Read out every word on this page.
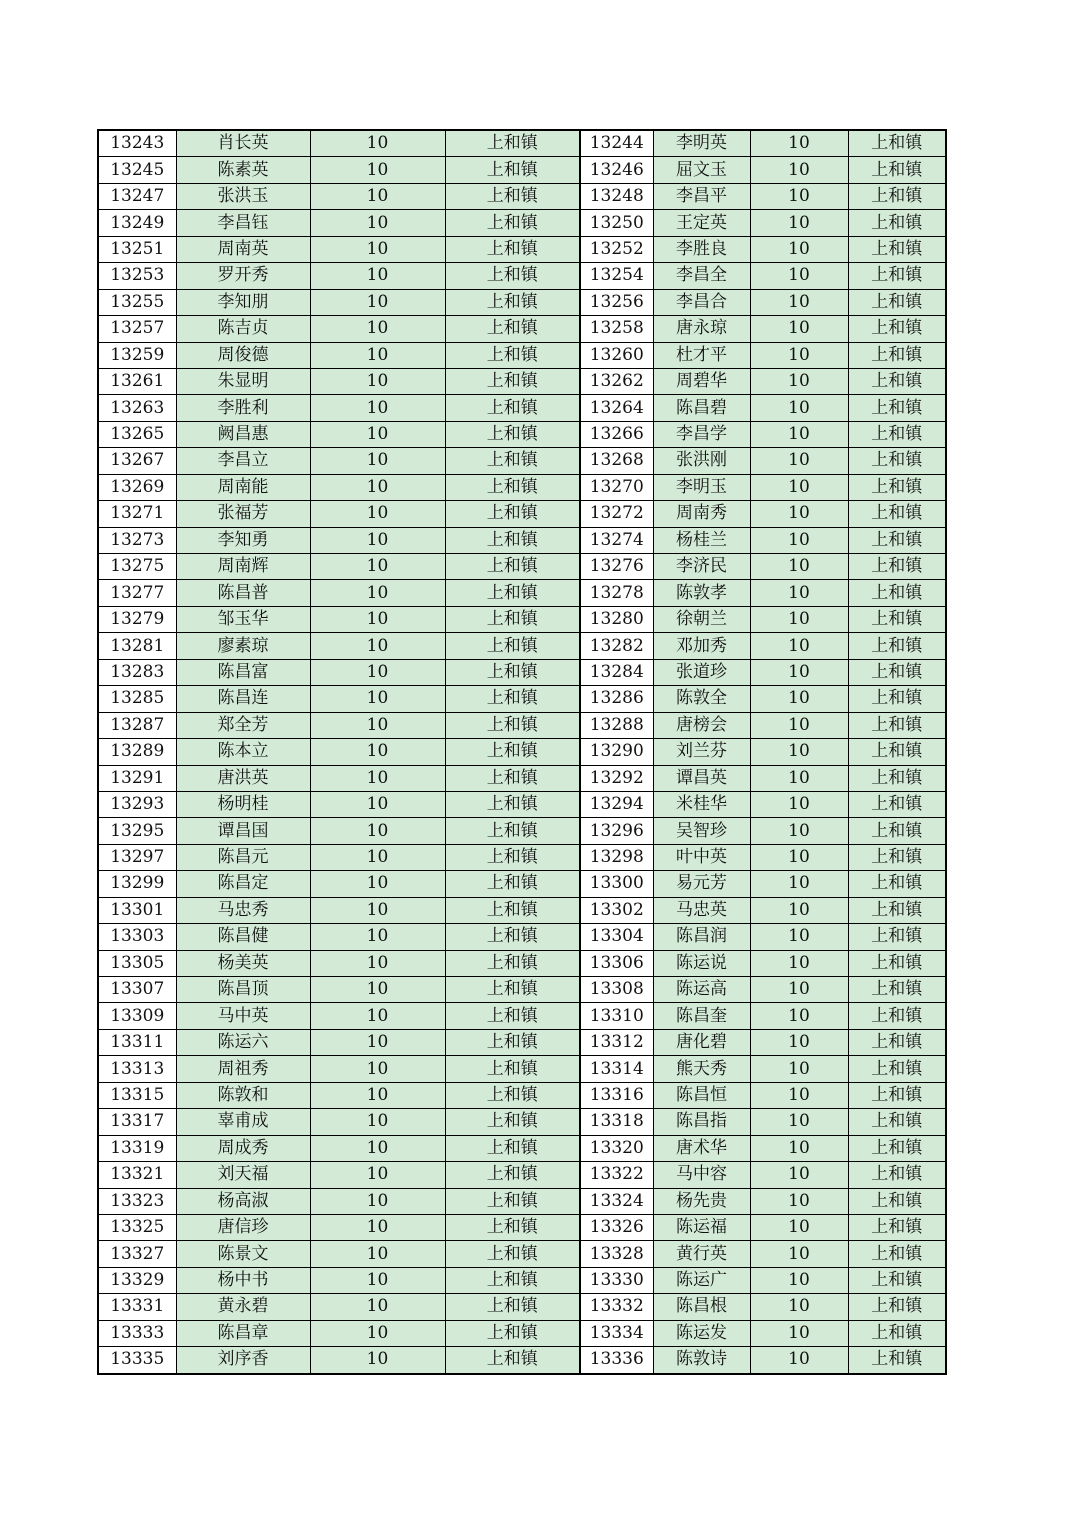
13243	肖长英	10	上和镇	13244	李明英	10	上和镇
13245	陈素英	10	上和镇	13246	屈文玉	10	上和镇
13247	张洪玉	10	上和镇	13248	李昌平	10	上和镇
13249	李昌钰	10	上和镇	13250	王定英	10	上和镇
13251	周南英	10	上和镇	13252	李胜良	10	上和镇
13253	罗开秀	10	上和镇	13254	李昌全	10	上和镇
13255	李知朋	10	上和镇	13256	李昌合	10	上和镇
13257	陈吉贞	10	上和镇	13258	唐永琼	10	上和镇
13259	周俊德	10	上和镇	13260	杜才平	10	上和镇
13261	朱显明	10	上和镇	13262	周碧华	10	上和镇
13263	李胜利	10	上和镇	13264	陈昌碧	10	上和镇
13265	阙昌惠	10	上和镇	13266	李昌学	10	上和镇
13267	李昌立	10	上和镇	13268	张洪刚	10	上和镇
13269	周南能	10	上和镇	13270	李明玉	10	上和镇
13271	张福芳	10	上和镇	13272	周南秀	10	上和镇
13273	李知勇	10	上和镇	13274	杨桂兰	10	上和镇
13275	周南辉	10	上和镇	13276	李济民	10	上和镇
13277	陈昌普	10	上和镇	13278	陈敦孝	10	上和镇
13279	邹玉华	10	上和镇	13280	徐朝兰	10	上和镇
13281	廖素琼	10	上和镇	13282	邓加秀	10	上和镇
13283	陈昌富	10	上和镇	13284	张道珍	10	上和镇
13285	陈昌连	10	上和镇	13286	陈敦全	10	上和镇
13287	郑全芳	10	上和镇	13288	唐榜会	10	上和镇
13289	陈本立	10	上和镇	13290	刘兰芬	10	上和镇
13291	唐洪英	10	上和镇	13292	谭昌英	10	上和镇
13293	杨明桂	10	上和镇	13294	米桂华	10	上和镇
13295	谭昌国	10	上和镇	13296	吴智珍	10	上和镇
13297	陈昌元	10	上和镇	13298	叶中英	10	上和镇
13299	陈昌定	10	上和镇	13300	易元芳	10	上和镇
13301	马忠秀	10	上和镇	13302	马忠英	10	上和镇
13303	陈昌健	10	上和镇	13304	陈昌润	10	上和镇
13305	杨美英	10	上和镇	13306	陈运说	10	上和镇
13307	陈昌顶	10	上和镇	13308	陈运高	10	上和镇
13309	马中英	10	上和镇	13310	陈昌奎	10	上和镇
13311	陈运六	10	上和镇	13312	唐化碧	10	上和镇
13313	周祖秀	10	上和镇	13314	熊天秀	10	上和镇
13315	陈敦和	10	上和镇	13316	陈昌恒	10	上和镇
13317	辜甫成	10	上和镇	13318	陈昌指	10	上和镇
13319	周成秀	10	上和镇	13320	唐术华	10	上和镇
13321	刘天福	10	上和镇	13322	马中容	10	上和镇
13323	杨高淑	10	上和镇	13324	杨先贵	10	上和镇
13325	唐信珍	10	上和镇	13326	陈运福	10	上和镇
13327	陈景文	10	上和镇	13328	黄行英	10	上和镇
13329	杨中书	10	上和镇	13330	陈运广	10	上和镇
13331	黄永碧	10	上和镇	13332	陈昌根	10	上和镇
13333	陈昌章	10	上和镇	13334	陈运发	10	上和镇
13335	刘序香	10	上和镇	13336	陈敦诗	10	上和镇
